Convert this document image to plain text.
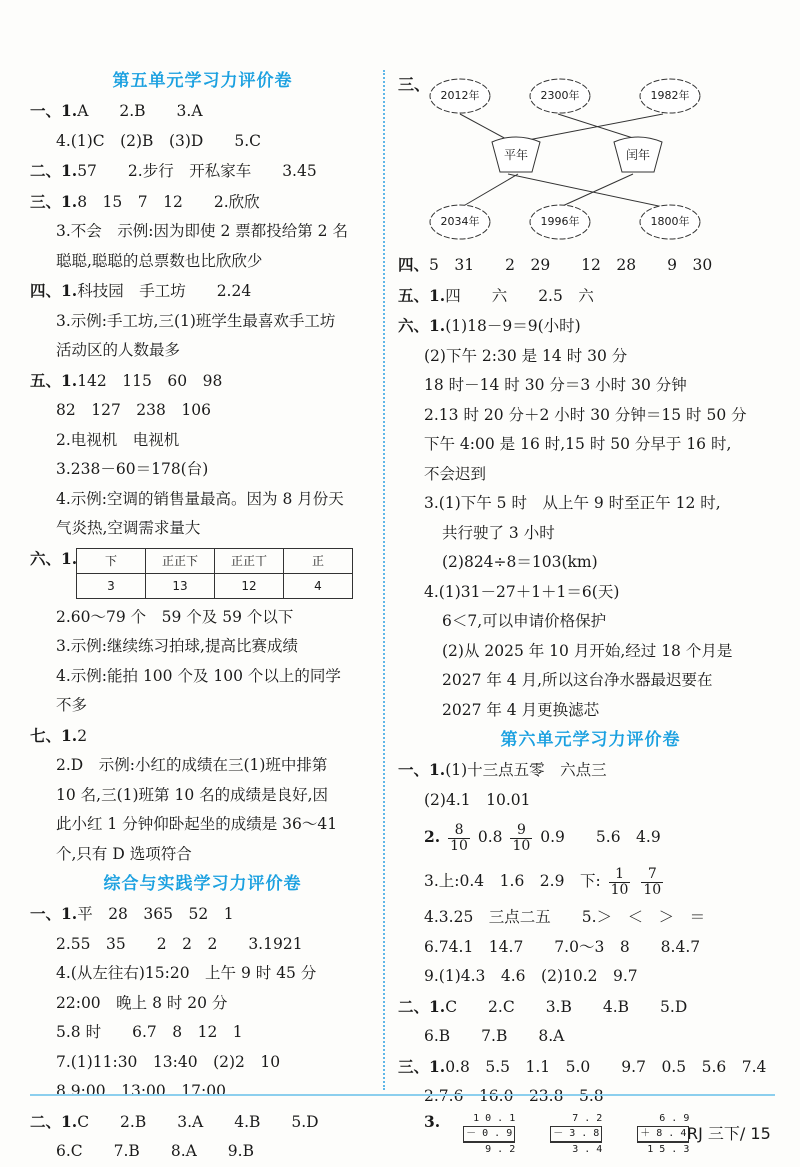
第五单元学习力评价卷
一、1.A　　2.B　　3.A
4.(1)C　(2)B　(3)D　　5.C
二、1.57　　2.步行　开私家车　　3.45
三、1.8　15　7　12　　2.欣欣
3.不会　示例:因为即使 2 票都投给第 2 名
聪聪,聪聪的总票数也比欣欣少
四、1.科技园　手工坊　　2.24
3.示例:手工坊,三(1)班学生最喜欢手工坊
活动区的人数最多
五、1.142　115　60　98
82　127　238　106
2.电视机　电视机
3.238－60＝178(台)
4.示例:空调的销售量最高。因为 8 月份天
气炎热,空调需求量大
六、1. 下	正正下	正正丅	正
3	13	12	4
2.60～79 个　59 个及 59 个以下
3.示例:继续练习拍球,提高比赛成绩
4.示例:能拍 100 个及 100 个以上的同学
不多
七、1.2
2.D　示例:小红的成绩在三(1)班中排第
10 名,三(1)班第 10 名的成绩是良好,因
此小红 1 分钟仰卧起坐的成绩是 36～41
个,只有 D 选项符合
综合与实践学习力评价卷
一、1.平　28　365　52　1
2.55　35　　2　2　2　　3.1921
4.(从左往右)15:20　上午 9 时 45 分
22:00　晚上 8 时 20 分
5.8 时　　6.7　8　12　1
7.(1)11:30　13:40　(2)2　10
8.9:00　13:00　17:00
二、1.C　　2.B　　3.A　　4.B　　5.D
6.C　　7.B　　8.A　　9.B
三、
2012年	2300年	1982年
平年	闰年
2034年	1996年	1800年
四、5　31　　2　29　　12　28　　9　30
五、1.四　　六　　2.5　六
六、1.(1)18－9＝9(小时)
(2)下午 2:30 是 14 时 30 分
18 时－14 时 30 分＝3 小时 30 分钟
2.13 时 20 分＋2 小时 30 分钟＝15 时 50 分
下午 4:00 是 16 时,15 时 50 分早于 16 时,
不会迟到
3.(1)下午 5 时　从上午 9 时至正午 12 时,
共行驶了 3 小时
(2)824÷8＝103(km)
4.(1)31－27＋1＋1＝6(天)
6＜7,可以申请价格保护
(2)从 2025 年 10 月开始,经过 18 个月是
2027 年 4 月,所以这台净水器最迟要在
2027 年 4 月更换滤芯
第六单元学习力评价卷
一、1.(1)十三点五零　六点三
(2)4.1　10.01
2. $\frac{8}{10} 0.8 \frac{9}{10} 0.9$　　5.6　4.9
3.上:0.4　1.6　2.9　下: $\frac{1}{10}$
$\frac{7}{10}$
4.3.25　三点二五　　5.＞　＜　＞　＝
6.74.1　14.7　　7.0～3　8　　8.4.7
9.(1)4.3　4.6　(2)10.2　9.7
二、1.C　　2.C　　3.B　　4.B　　5.D
6.B　　7.B　　8.A
三、1.0.8　5.5　1.1　5.0　　9.7　0.5　5.6　7.4
2.7.6　16.0　23.8　5.8
3.	1 0 . 1
－ 0 . 9
9 . 2

7 . 2
－ 3 . 8
3 . 4

6 . 9
＋ 8 . 4
1 5 . 3
RJ 三下/ 15
